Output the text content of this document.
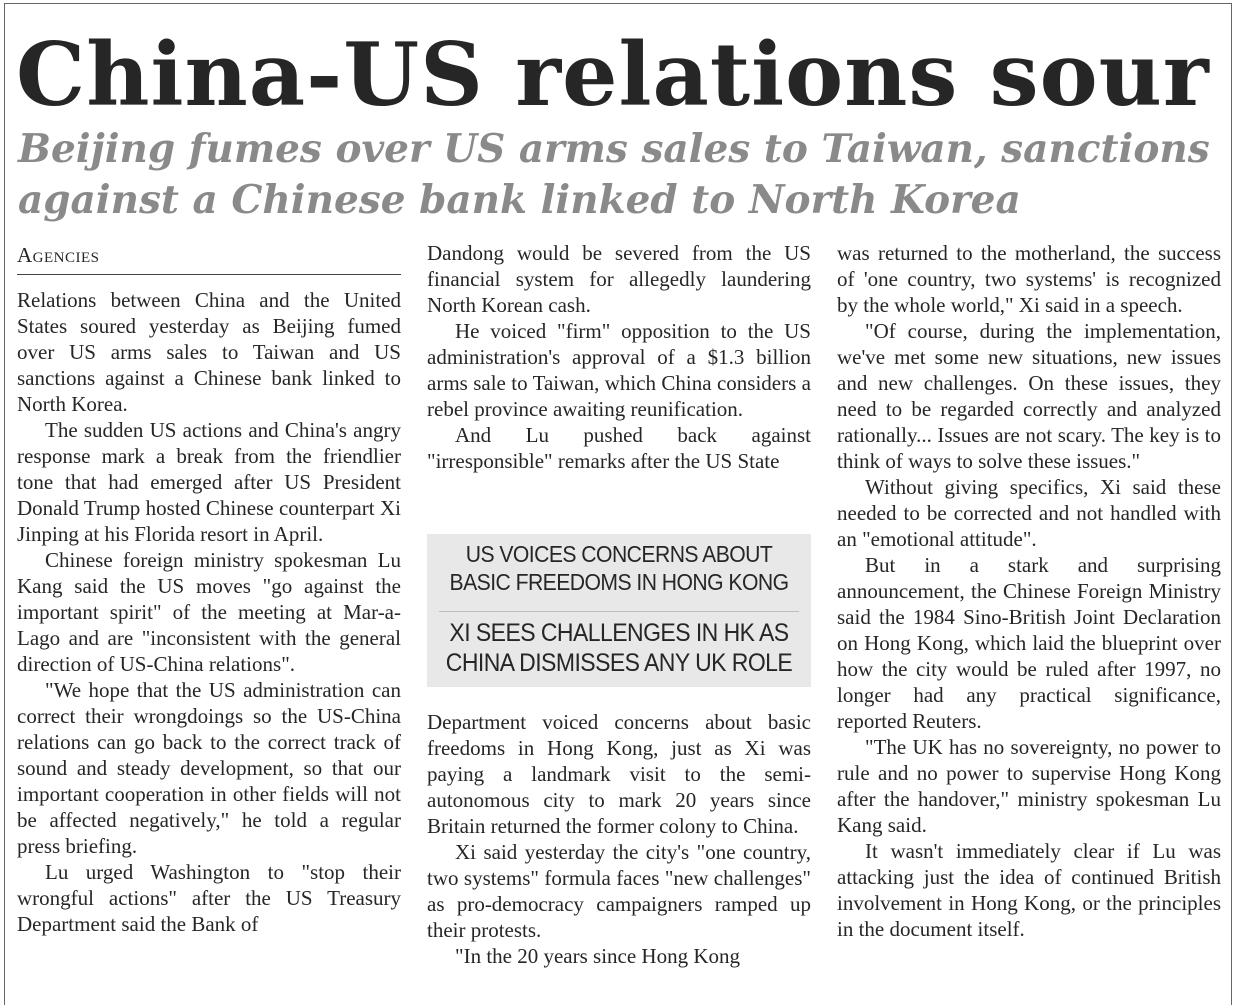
China-US relations sour
Beijing fumes over US arms sales to Taiwan, sanctions against a Chinese bank linked to North Korea
Agencies

Relations between China and the United States soured yesterday as Beijing fumed over US arms sales to Taiwan and US sanctions against a Chinese bank linked to North Korea.

The sudden US actions and China's angry response mark a break from the friendlier tone that had emerged after US President Donald Trump hosted Chinese counterpart Xi Jinping at his Florida resort in April.

Chinese foreign ministry spokesman Lu Kang said the US moves "go against the important spirit" of the meeting at Mar-a-Lago and are "inconsistent with the general direction of US-China relations".

"We hope that the US administration can correct their wrongdoings so the US-China relations can go back to the correct track of sound and steady development, so that our important cooperation in other fields will not be affected negatively," he told a regular press briefing.

Lu urged Washington to "stop their wrongful actions" after the US Treasury Department said the Bank of

Dandong would be severed from the US financial system for allegedly laundering North Korean cash.

He voiced "firm" opposition to the US administration's approval of a $1.3 billion arms sale to Taiwan, which China considers a rebel province awaiting reunification.

And Lu pushed back against "irresponsible" remarks after the US State

US VOICES CONCERNS ABOUT BASIC FREEDOMS IN HONG KONG
XI SEES CHALLENGES IN HK AS CHINA DISMISSES ANY UK ROLE

Department voiced concerns about basic freedoms in Hong Kong, just as Xi was paying a landmark visit to the semi-autonomous city to mark 20 years since Britain returned the former colony to China.

Xi said yesterday the city's "one country, two systems" formula faces "new challenges" as pro-democracy campaigners ramped up their protests.

"In the 20 years since Hong Kong

was returned to the motherland, the success of 'one country, two systems' is recognized by the whole world," Xi said in a speech.

"Of course, during the implementation, we've met some new situations, new issues and new challenges. On these issues, they need to be regarded correctly and analyzed rationally... Issues are not scary. The key is to think of ways to solve these issues."

Without giving specifics, Xi said these needed to be corrected and not handled with an "emotional attitude".

But in a stark and surprising announcement, the Chinese Foreign Ministry said the 1984 Sino-British Joint Declaration on Hong Kong, which laid the blueprint over how the city would be ruled after 1997, no longer had any practical significance, reported Reuters.

"The UK has no sovereignty, no power to rule and no power to supervise Hong Kong after the handover," ministry spokesman Lu Kang said.

It wasn't immediately clear if Lu was attacking just the idea of continued British involvement in Hong Kong, or the principles in the document itself.
